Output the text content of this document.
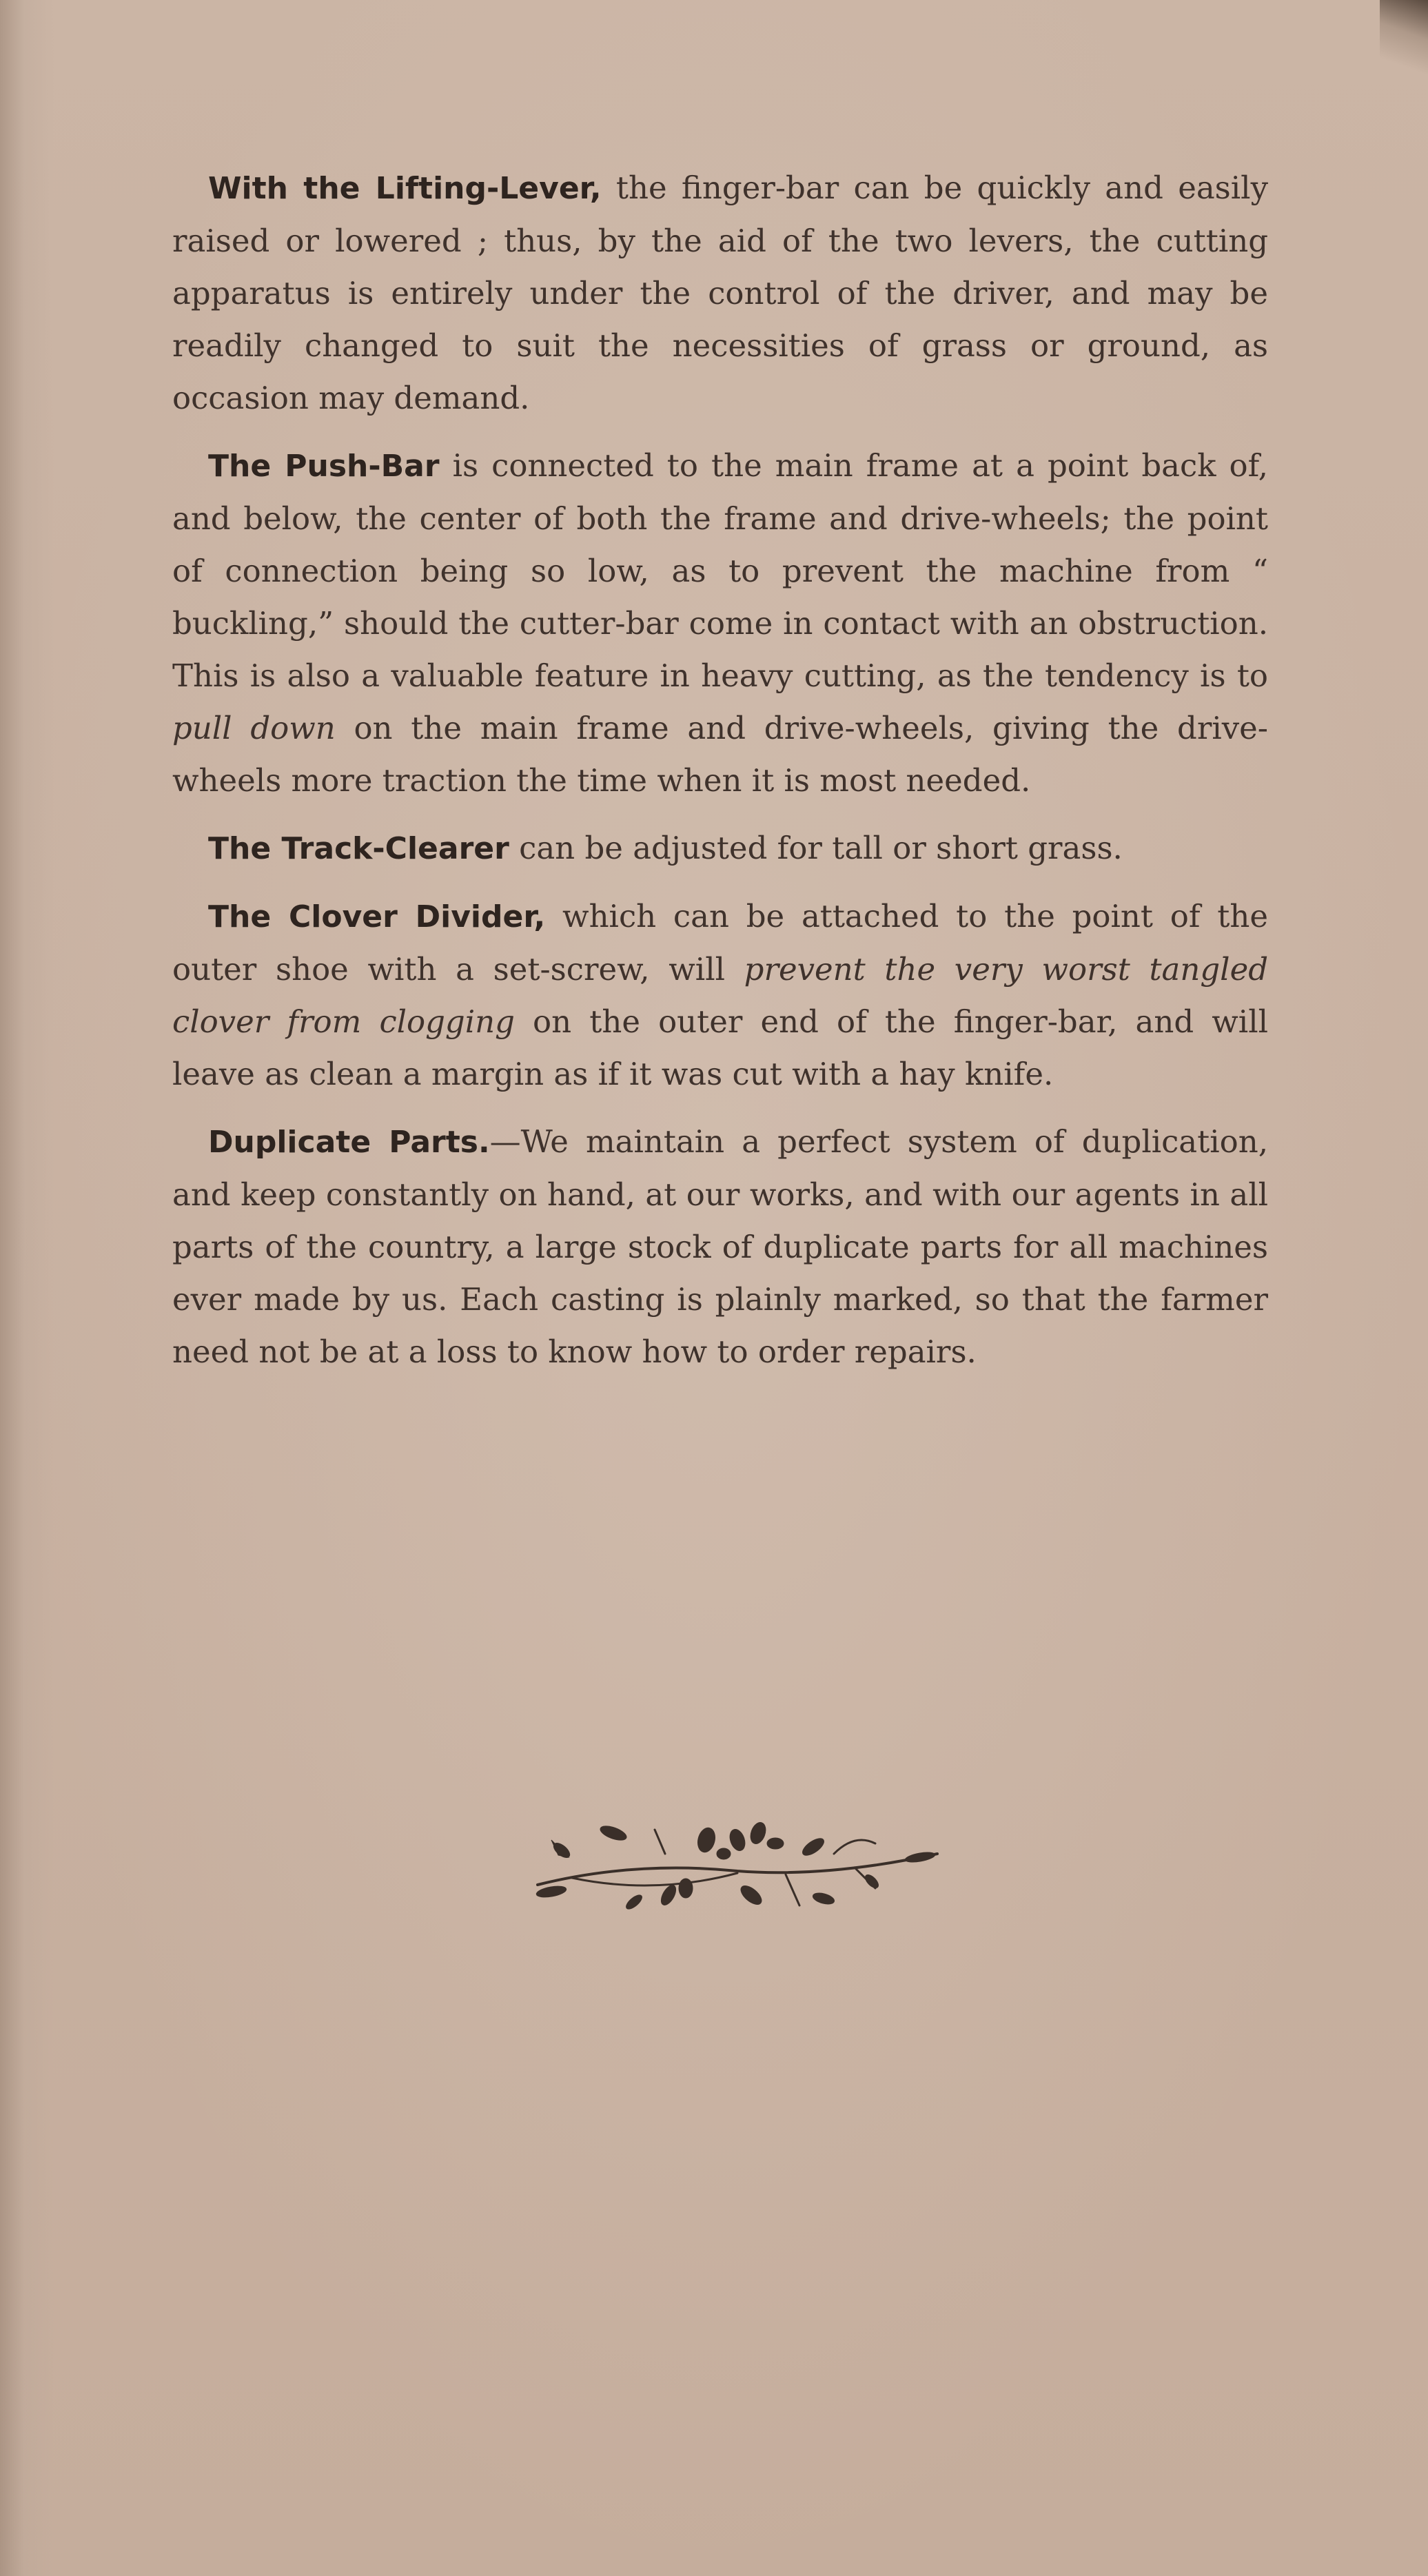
With the Lifting-Lever, the finger-bar can be quickly and easily raised or lowered ; thus, by the aid of the two levers, the cutting apparatus is entirely under the control of the driver, and may be readily changed to suit the necessities of grass or ground, as occasion may demand.

The Push-Bar is connected to the main frame at a point back of, and below, the center of both the frame and drive-wheels; the point of connection being so low, as to prevent the machine from “ buckling,” should the cutter-bar come in contact with an obstruction. This is also a valuable feature in heavy cutting, as the tendency is to pull down on the main frame and drive-wheels, giving the drive-wheels more traction the time when it is most needed.

The Track-Clearer can be adjusted for tall or short grass.

The Clover Divider, which can be attached to the point of the outer shoe with a set-screw, will prevent the very worst tangled clover from clogging on the outer end of the finger-bar, and will leave as clean a margin as if it was cut with a hay knife.

Duplicate Parts.—We maintain a perfect system of duplication, and keep constantly on hand, at our works, and with our agents in all parts of the country, a large stock of duplicate parts for all machines ever made by us. Each casting is plainly marked, so that the farmer need not be at a loss to know how to order repairs.
